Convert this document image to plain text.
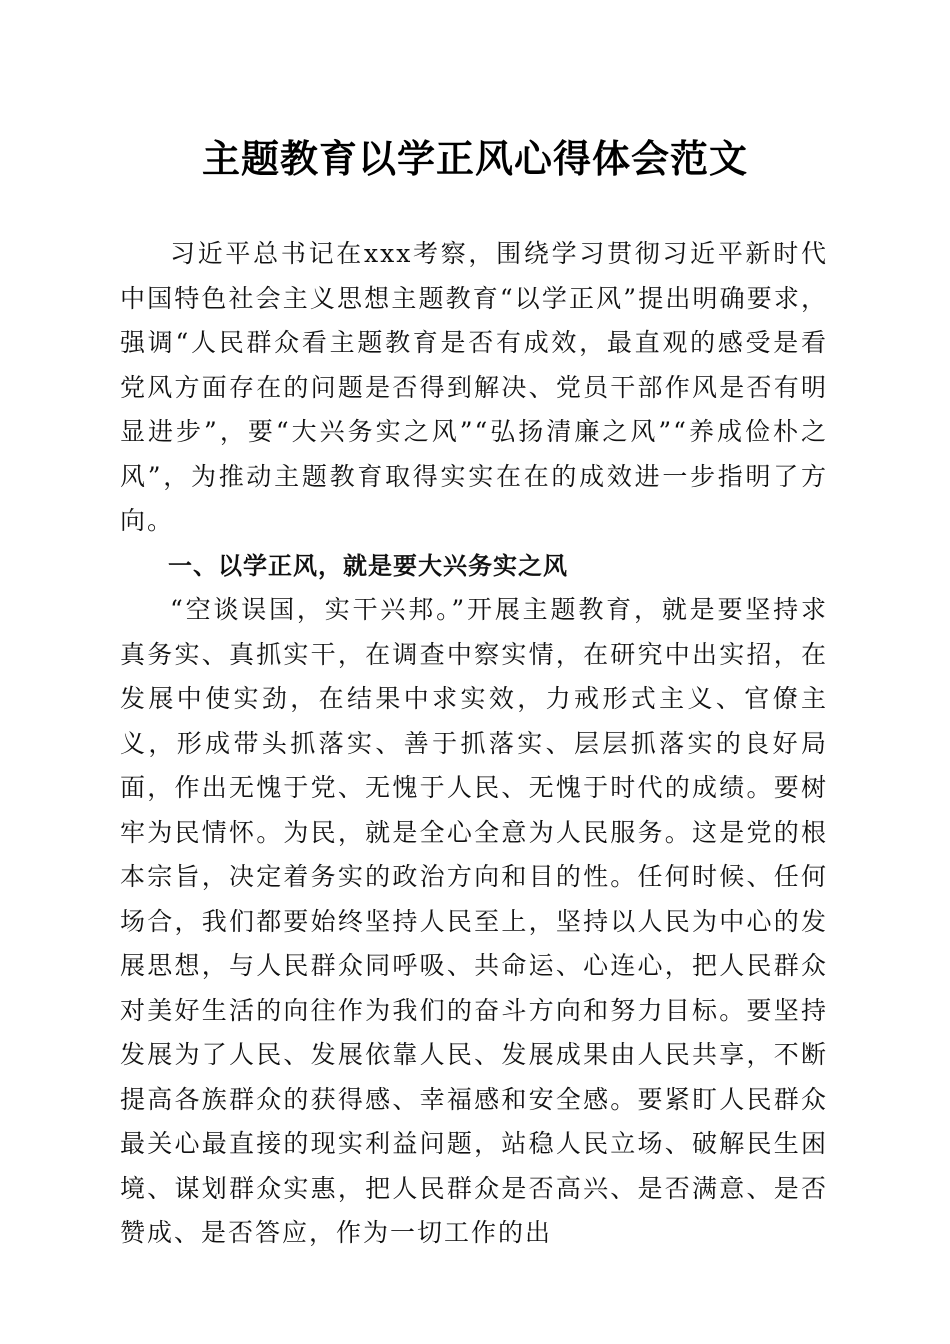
主题教育以学正风心得体会范文

习近平总书记在xxx考察，围绕学习贯彻习近平新时代中国特色社会主义思想主题教育“以学正风”提出明确要求，强调“人民群众看主题教育是否有成效，最直观的感受是看党风方面存在的问题是否得到解决、党员干部作风是否有明显进步”，要“大兴务实之风”“弘扬清廉之风”“养成俭朴之风”，为推动主题教育取得实实在在的成效进一步指明了方向。

一、以学正风，就是要大兴务实之风

“空谈误国，实干兴邦。”开展主题教育，就是要坚持求真务实、真抓实干，在调查中察实情，在研究中出实招，在发展中使实劲，在结果中求实效，力戒形式主义、官僚主义，形成带头抓落实、善于抓落实、层层抓落实的良好局面，作出无愧于党、无愧于人民、无愧于时代的成绩。要树牢为民情怀。为民，就是全心全意为人民服务。这是党的根本宗旨，决定着务实的政治方向和目的性。任何时候、任何场合，我们都要始终坚持人民至上，坚持以人民为中心的发展思想，与人民群众同呼吸、共命运、心连心，把人民群众对美好生活的向往作为我们的奋斗方向和努力目标。要坚持发展为了人民、发展依靠人民、发展成果由人民共享，不断提高各族群众的获得感、幸福感和安全感。要紧盯人民群众最关心最直接的现实利益问题，站稳人民立场、破解民生困境、谋划群众实惠，把人民群众是否高兴、是否满意、是否赞成、是否答应，作为一切工作的出
